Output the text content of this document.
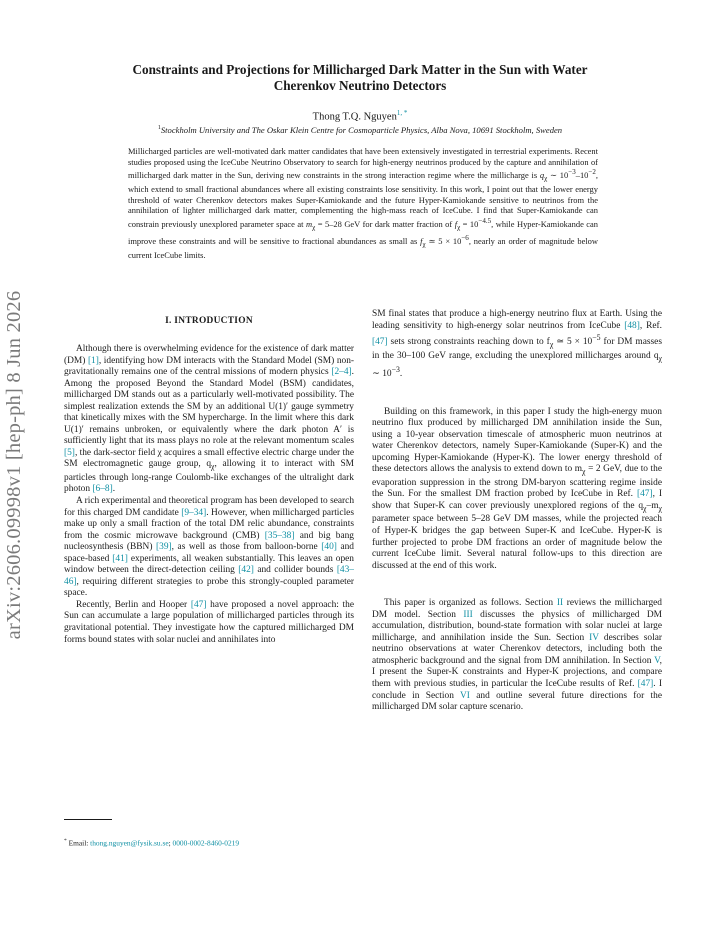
arXiv:2606.09998v1 [hep-ph] 8 Jun 2026
Constraints and Projections for Millicharged Dark Matter in the Sun with Water
Cherenkov Neutrino Detectors
Thong T.Q. Nguyen$^{1, *}$
$^1$Stockholm University and The Oskar Klein Centre for Cosmoparticle Physics, Alba Nova, 10691 Stockholm, Sweden
Millicharged particles are well-motivated dark matter candidates that have been extensively investigated in terrestrial experiments. Recent studies proposed using the IceCube Neutrino Observatory to search for high-energy neutrinos produced by the capture and annihilation of millicharged dark matter in the Sun, deriving new constraints in the strong interaction regime where the millicharge is $q_\chi$ ∼ $10^{-3}-10^{-2}$, which extend to small fractional abundances where all existing constraints lose sensitivity. In this work, I point out that the lower energy threshold of water Cherenkov detectors makes Super-Kamiokande and the future Hyper-Kamiokande sensitive to neutrinos from the annihilation of lighter millicharged dark matter, complementing the high-mass reach of IceCube. I find that Super-Kamiokande can constrain previously unexplored parameter space at $m_\chi = 5-28$ GeV for dark matter fraction of $f_\chi = 10^{-4.5}$, while Hyper-Kamiokande can improve these constraints and will be sensitive to fractional abundances as small as $f_\chi$ ≃ $5 \times 10^{-6}$, nearly an order of magnitude below current IceCube limits.
I. INTRODUCTION

Although there is overwhelming evidence for the existence of dark matter (DM) [1], identifying how DM interacts with the Standard Model (SM) non-gravitationally remains one of the central missions of modern physics [2–4]. Among the proposed Beyond the Standard Model (BSM) candidates, millicharged DM stands out as a particularly well-motivated possibility. The simplest realization extends the SM by an additional U(1)′ gauge symmetry that kinetically mixes with the SM hypercharge. In the limit where this dark U(1)′ remains unbroken, or equivalently where the dark photon A′ is sufficiently light that its mass plays no role at the relevant momentum scales [5], the dark-sector field χ acquires a small effective electric charge under the SM electromagnetic gauge group, $q_\chi$, allowing it to interact with SM particles through long-range Coulomb-like exchanges of the ultralight dark photon [6–8].

A rich experimental and theoretical program has been developed to search for this charged DM candidate [9–34]. However, when millicharged particles make up only a small fraction of the total DM relic abundance, constraints from the cosmic microwave background (CMB) [35–38] and big bang nucleosynthesis (BBN) [39], as well as those from balloon-borne [40] and space-based [41] experiments, all weaken substantially. This leaves an open window between the direct-detection ceiling [42] and collider bounds [43–46], requiring different strategies to probe this strongly-coupled parameter space.

Recently, Berlin and Hooper [47] have proposed a novel approach: the Sun can accumulate a large population of millicharged particles through its gravitational potential. They investigate how the captured millicharged DM forms bound states with solar nuclei and annihilates into

SM final states that produce a high-energy neutrino flux at Earth. Using the leading sensitivity to high-energy solar neutrinos from IceCube [48], Ref. [47] sets strong constraints reaching down to $f_\chi$ ≃ $5 \times 10^{-5}$ for DM masses in the 30–100 GeV range, excluding the unexplored millicharges around $q_\chi$ ∼ $10^{-3}$.

Building on this framework, in this paper I study the high-energy muon neutrino flux produced by millicharged DM annihilation inside the Sun, using a 10-year observation timescale of atmospheric muon neutrinos at water Cherenkov detectors, namely Super-Kamiokande (Super-K) and the upcoming Hyper-Kamiokande (Hyper-K). The lower energy threshold of these detectors allows the analysis to extend down to $m_\chi = 2$ GeV, due to the evaporation suppression in the strong DM-baryon scattering regime inside the Sun. For the smallest DM fraction probed by IceCube in Ref. [47], I show that Super-K can cover previously unexplored regions of the $q_\chi-m_\chi$ parameter space between 5–28 GeV DM masses, while the projected reach of Hyper-K bridges the gap between Super-K and IceCube. Hyper-K is further projected to probe DM fractions an order of magnitude below the current IceCube limit. Several natural follow-ups to this direction are discussed at the end of this work.

This paper is organized as follows. Section II reviews the millicharged DM model. Section III discusses the physics of millicharged DM accumulation, distribution, bound-state formation with solar nuclei at large millicharge, and annihilation inside the Sun. Section IV describes solar neutrino observations at water Cherenkov detectors, including both the atmospheric background and the signal from DM annihilation. In Section V, I present the Super-K constraints and Hyper-K projections, and compare them with previous studies, in particular the IceCube results of Ref. [47]. I conclude in Section VI and outline several future directions for the millicharged DM solar capture scenario.

* Email: thong.nguyen@fysik.su.se; 0000-0002-8460-0219
